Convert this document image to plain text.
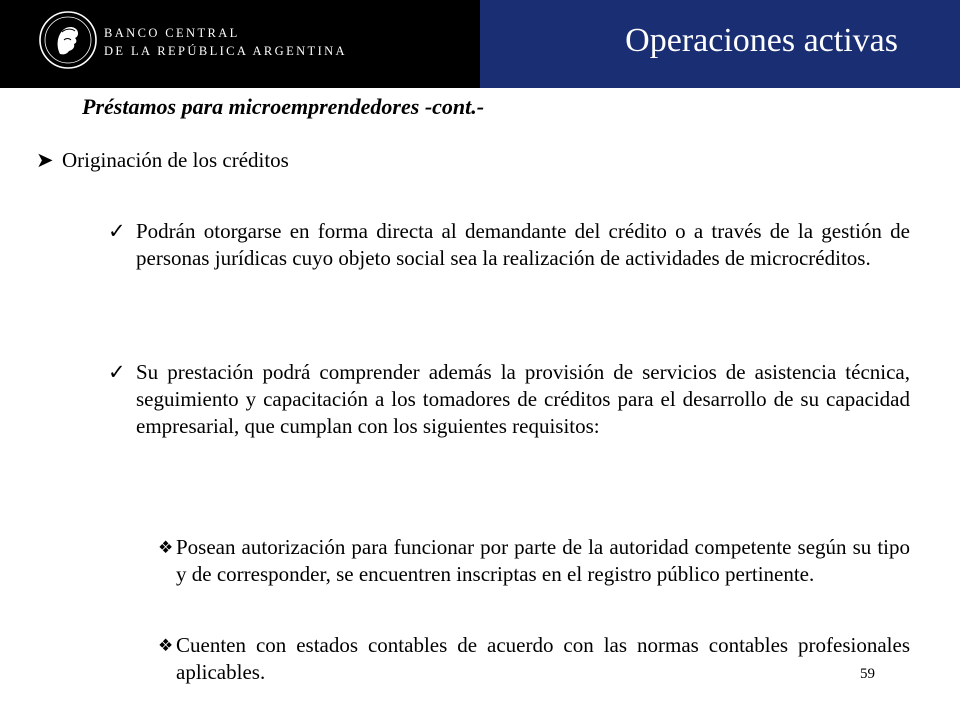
BANCO CENTRAL
DE LA REPÚBLICA ARGENTINA	Operaciones activas
Préstamos para microemprendedores -cont.-
➤ Originación de los créditos
✓ Podrán otorgarse en forma directa al demandante del crédito o a través de la gestión de personas jurídicas cuyo objeto social sea la realización de actividades de microcréditos.
✓ Su prestación podrá comprender además la provisión de servicios de asistencia técnica, seguimiento y capacitación a los tomadores de créditos para el desarrollo de su capacidad empresarial, que cumplan con los siguientes requisitos:
❖ Posean autorización para funcionar por parte de la autoridad competente según su tipo y de corresponder, se encuentren inscriptas en el registro público pertinente.
❖ Cuenten con estados contables de acuerdo con las normas contables profesionales aplicables.	59
